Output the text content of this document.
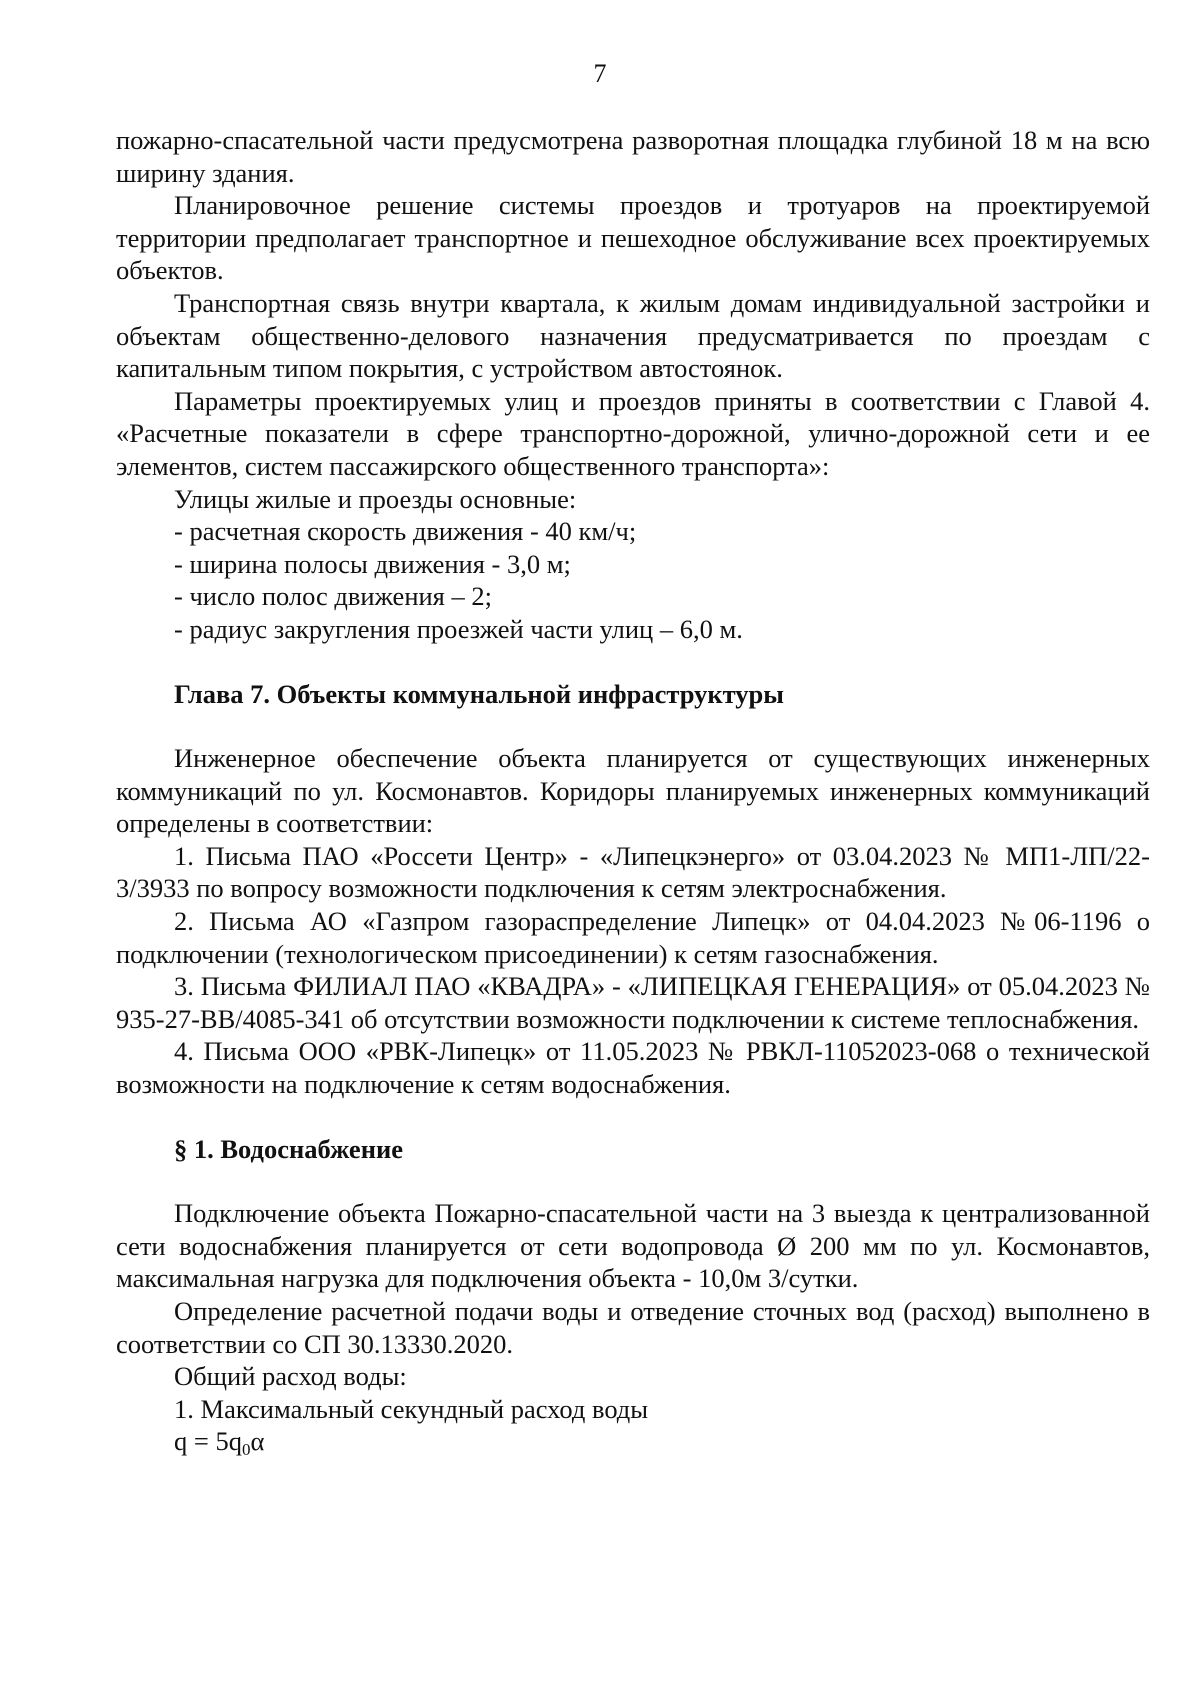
7

пожарно-спасательной части предусмотрена разворотная площадка глубиной 18 м на всю ширину здания.

Планировочное решение системы проездов и тротуаров на проектируемой территории предполагает транспортное и пешеходное обслуживание всех проектируемых объектов.

Транспортная связь внутри квартала, к жилым домам индивидуальной застройки и объектам общественно-делового назначения предусматривается по проездам с капитальным типом покрытия, с устройством автостоянок.

Параметры проектируемых улиц и проездов приняты в соответствии с Главой 4. «Расчетные показатели в сфере транспортно-дорожной, улично-дорожной сети и ее элементов, систем пассажирского общественного транспорта»:

Улицы жилые и проезды основные:

- расчетная скорость движения - 40 км/ч;

- ширина полосы движения - 3,0 м;

- число полос движения – 2;

- радиус закругления проезжей части улиц – 6,0 м.

Глава 7. Объекты коммунальной инфраструктуры

Инженерное обеспечение объекта планируется от существующих инженерных коммуникаций по ул. Космонавтов. Коридоры планируемых инженерных коммуникаций определены в соответствии:

1. Письма ПАО «Россети Центр» - «Липецкэнерго» от 03.04.2023 № МП1-ЛП/22-3/3933 по вопросу возможности подключения к сетям электроснабжения.

2. Письма АО «Газпром газораспределение Липецк» от 04.04.2023 №06-1196 о подключении (технологическом присоединении) к сетям газоснабжения.

3. Письма ФИЛИАЛ ПАО «КВАДРА» - «ЛИПЕЦКАЯ ГЕНЕРАЦИЯ» от 05.04.2023 № 935-27-ВВ/4085-341 об отсутствии возможности подключении к системе теплоснабжения.

4. Письма ООО «РВК-Липецк» от 11.05.2023 № РВКЛ-11052023-068 о технической возможности на подключение к сетям водоснабжения.

§ 1. Водоснабжение

Подключение объекта Пожарно-спасательной части на 3 выезда к централизованной сети водоснабжения планируется от сети водопровода Ø 200 мм по ул. Космонавтов, максимальная нагрузка для подключения объекта - 10,0м 3/сутки.

Определение расчетной подачи воды и отведение сточных вод (расход) выполнено в соответствии со СП 30.13330.2020.

Общий расход воды:

1. Максимальный секундный расход воды

$q = 5q_0\alpha$
